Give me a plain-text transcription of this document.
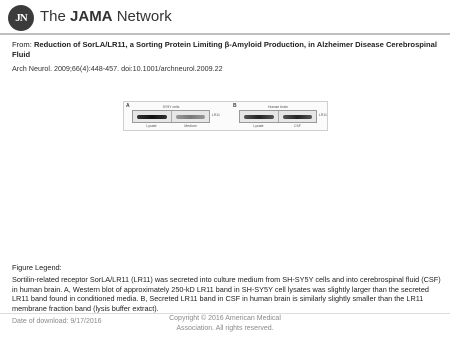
JN The JAMA Network
From: Reduction of SorLA/LR11, a Sorting Protein Limiting β-Amyloid Production, in Alzheimer Disease Cerebrospinal Fluid
Arch Neurol. 2009;66(4):448-457. doi:10.1001/archneurol.2009.22
A	SY5Y cells
LR11
Lysate	Medium
B	Human brain
LR11
Lysate	CSF
Figure Legend:
Sortilin-related receptor SorLA/LR11 (LR11) was secreted into culture medium from SH-SY5Y cells and into cerebrospinal fluid (CSF) in human brain. A, Western blot of approximately 250-kD LR11 band in SH-SY5Y cell lysates was slightly larger than the secreted LR11 band found in conditioned media. B, Secreted LR11 band in CSF in human brain is similarly slightly smaller than the LR11 membrane fraction band (lysis buffer extract).
Date of download: 9/17/2016	Copyright © 2016 American Medical
Association. All rights reserved.
